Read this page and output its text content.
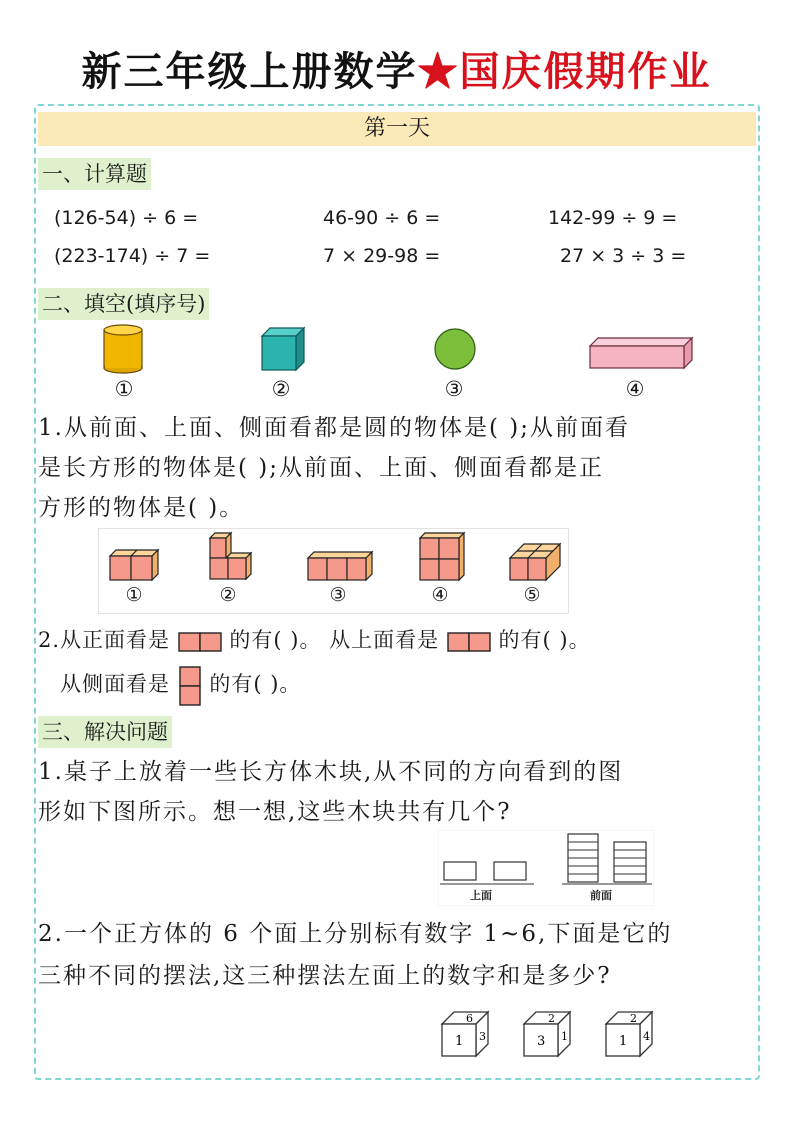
新三年级上册数学★国庆假期作业
第一天
一、计算题
(126-54) ÷ 6 =	46-90 ÷ 6 =	142-99 ÷ 9 =
(223-174) ÷ 7 =	7 × 29-98 =	27 × 3 ÷ 3 =
二、填空(填序号)
①	②	③	④
1.从前面、上面、侧面看都是圆的物体是( );从前面看
是长方形的物体是( );从前面、上面、侧面看都是正
方形的物体是( )。
①	②	③	④	⑤
2.从正面看是	的有( )。 从上面看是	的有( )。
从侧面看是 的有( )。
三、解决问题
1.桌子上放着一些长方体木块,从不同的方向看到的图
形如下图所示。想一想,这些木块共有几个?
上面	前面
2.一个正方体的 6 个面上分别标有数字 1~6,下面是它的
三种不同的摆法,这三种摆法左面上的数字和是多少?
6
1 3
2
3 1
2
1 4
